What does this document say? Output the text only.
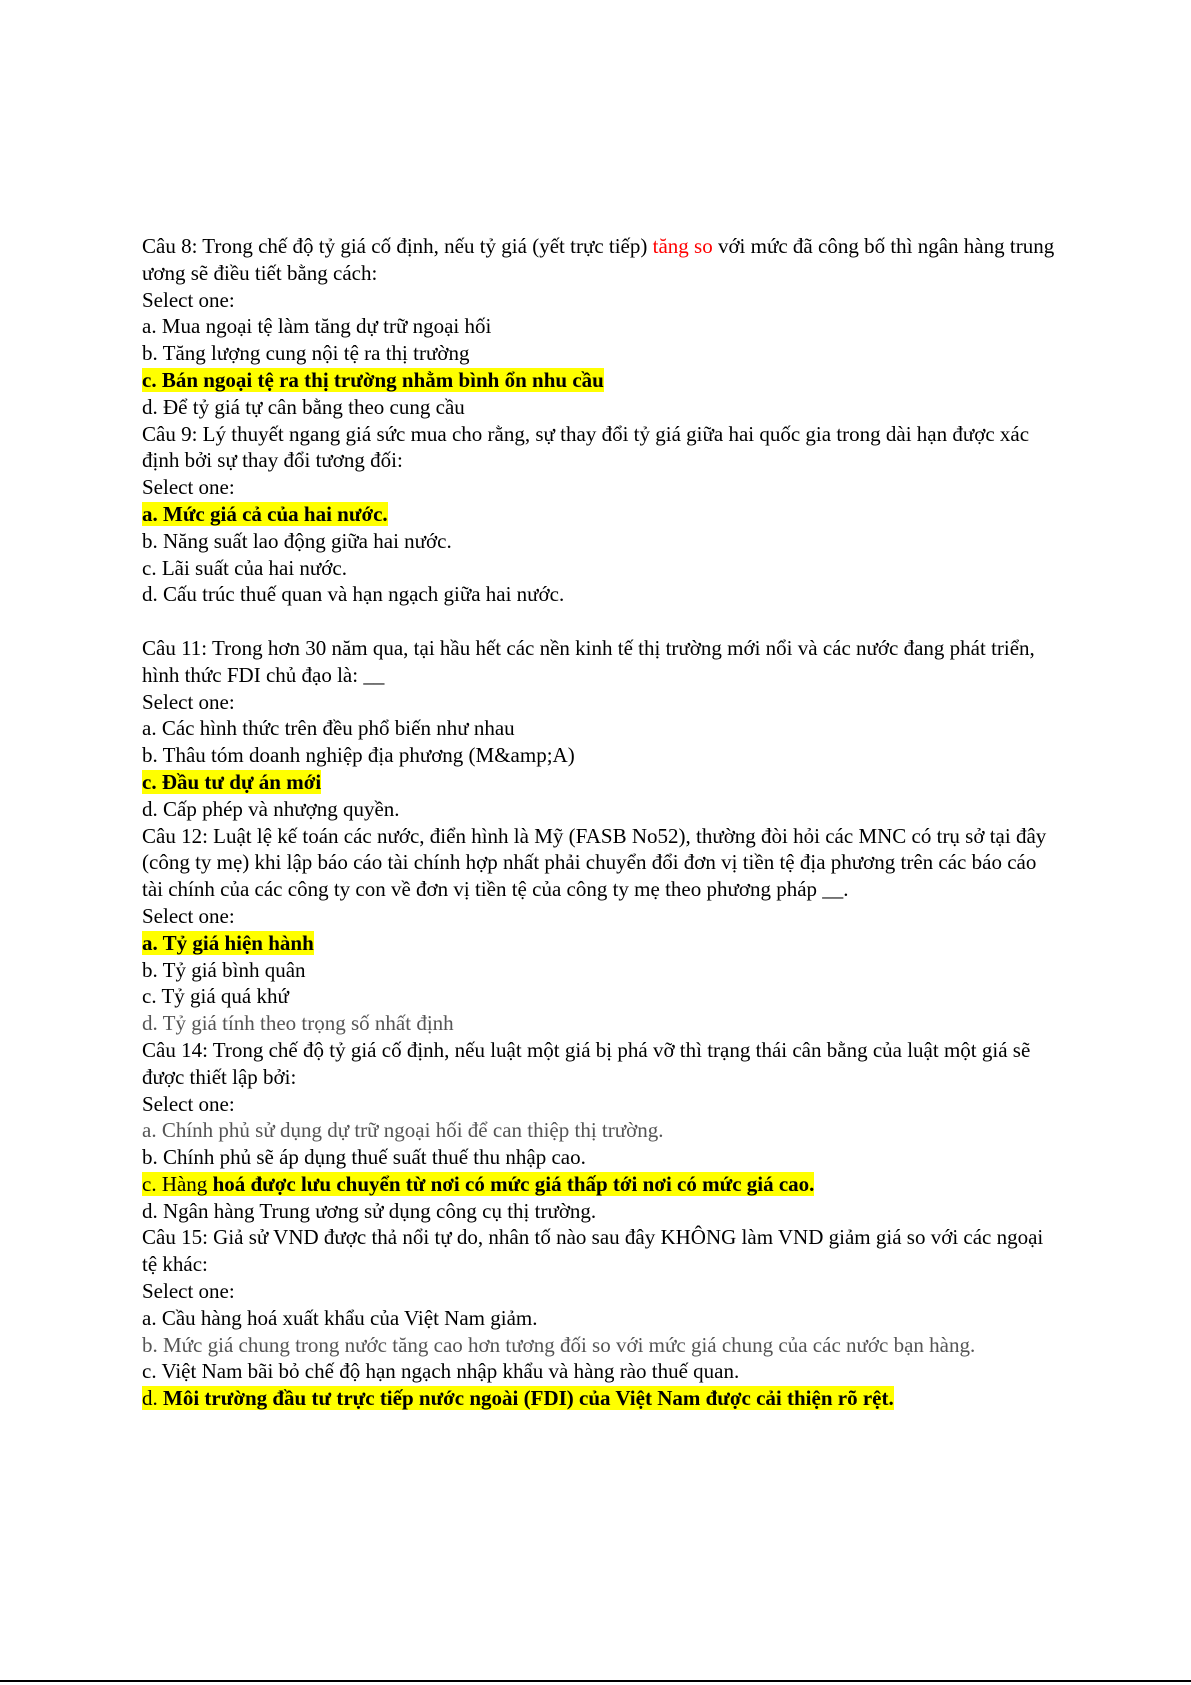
Câu 8: Trong chế độ tỷ giá cố định, nếu tỷ giá (yết trực tiếp) tăng so với mức đã công bố thì ngân hàng trung ương sẽ điều tiết bằng cách:
Select one:
a. Mua ngoại tệ làm tăng dự trữ ngoại hối
b. Tăng lượng cung nội tệ ra thị trường
c. Bán ngoại tệ ra thị trường nhằm bình ổn nhu cầu
d. Để tỷ giá tự cân bằng theo cung cầu
Câu 9: Lý thuyết ngang giá sức mua cho rằng, sự thay đổi tỷ giá giữa hai quốc gia trong dài hạn được xác định bởi sự thay đổi tương đối:
Select one:
a. Mức giá cả của hai nước.
b. Năng suất lao động giữa hai nước.
c. Lãi suất của hai nước.
d. Cấu trúc thuế quan và hạn ngạch giữa hai nước.
Câu 11: Trong hơn 30 năm qua, tại hầu hết các nền kinh tế thị trường mới nổi và các nước đang phát triển, hình thức FDI chủ đạo là: __
Select one:
a. Các hình thức trên đều phổ biến như nhau
b. Thâu tóm doanh nghiệp địa phương (M&amp;A)
c. Đầu tư dự án mới
d. Cấp phép và nhượng quyền.
Câu 12: Luật lệ kế toán các nước, điển hình là Mỹ (FASB No52), thường đòi hỏi các MNC có trụ sở tại đây (công ty mẹ) khi lập báo cáo tài chính hợp nhất phải chuyển đổi đơn vị tiền tệ địa phương trên các báo cáo tài chính của các công ty con về đơn vị tiền tệ của công ty mẹ theo phương pháp __.
Select one:
a. Tỷ giá hiện hành
b. Tỷ giá bình quân
c. Tỷ giá quá khứ
d. Tỷ giá tính theo trọng số nhất định
Câu 14: Trong chế độ tỷ giá cố định, nếu luật một giá bị phá vỡ thì trạng thái cân bằng của luật một giá sẽ được thiết lập bởi:
Select one:
a. Chính phủ sử dụng dự trữ ngoại hối để can thiệp thị trường.
b. Chính phủ sẽ áp dụng thuế suất thuế thu nhập cao.
c. Hàng hoá được lưu chuyển từ nơi có mức giá thấp tới nơi có mức giá cao.
d. Ngân hàng Trung ương sử dụng công cụ thị trường.
Câu 15: Giả sử VND được thả nổi tự do, nhân tố nào sau đây KHÔNG làm VND giảm giá so với các ngoại tệ khác:
Select one:
a. Cầu hàng hoá xuất khẩu của Việt Nam giảm.
b. Mức giá chung trong nước tăng cao hơn tương đối so với mức giá chung của các nước bạn hàng.
c. Việt Nam bãi bỏ chế độ hạn ngạch nhập khẩu và hàng rào thuế quan.
d. Môi trường đầu tư trực tiếp nước ngoài (FDI) của Việt Nam được cải thiện rõ rệt.
